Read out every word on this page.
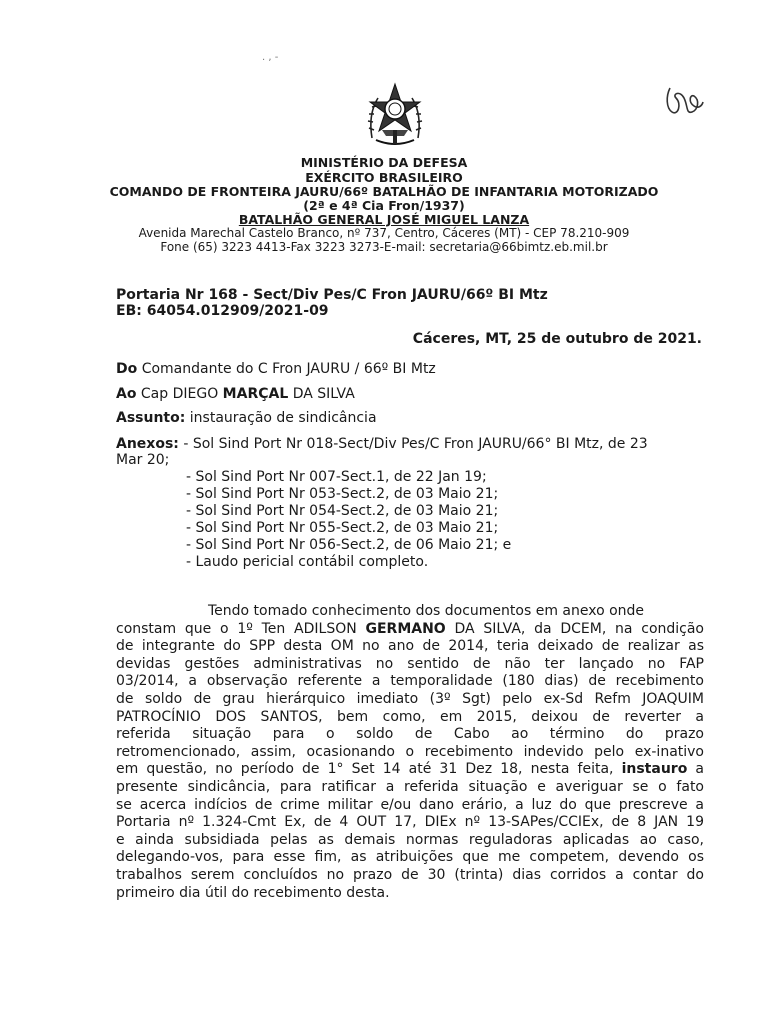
. , -
MINISTÉRIO DA DEFESA
EXÉRCITO BRASILEIRO
COMANDO DE FRONTEIRA JAURU/66º BATALHÃO DE INFANTARIA MOTORIZADO
(2ª e 4ª Cia Fron/1937)
BATALHÃO GENERAL JOSÉ MIGUEL LANZA
Avenida Marechal Castelo Branco, nº 737, Centro, Cáceres (MT) - CEP 78.210-909
Fone (65) 3223 4413-Fax 3223 3273-E-mail: secretaria@66bimtz.eb.mil.br
Portaria Nr 168 - Sect/Div Pes/C Fron JAURU/66º BI Mtz
EB: 64054.012909/2021-09
Cáceres, MT, 25 de outubro de 2021.
Do Comandante do C Fron JAURU / 66º BI Mtz
Ao Cap DIEGO MARÇAL DA SILVA
Assunto: instauração de sindicância
Anexos: - Sol Sind Port Nr 018-Sect/Div Pes/C Fron JAURU/66° BI Mtz, de 23
Mar 20;
- Sol Sind Port Nr 007-Sect.1, de 22 Jan 19;
- Sol Sind Port Nr 053-Sect.2, de 03 Maio 21;
- Sol Sind Port Nr 054-Sect.2, de 03 Maio 21;
- Sol Sind Port Nr 055-Sect.2, de 03 Maio 21;
- Sol Sind Port Nr 056-Sect.2, de 06 Maio 21; e
- Laudo pericial contábil completo.
Tendo tomado conhecimento dos documentos em anexo onde
constam que o 1º Ten ADILSON GERMANO DA SILVA, da DCEM, na condição
de integrante do SPP desta OM no ano de 2014, teria deixado de realizar as
devidas gestões administrativas no sentido de não ter lançado no FAP
03/2014, a observação referente a temporalidade (180 dias) de recebimento
de soldo de grau hierárquico imediato (3º Sgt) pelo ex-Sd Refm JOAQUIM
PATROCÍNIO DOS SANTOS, bem como, em 2015, deixou de reverter a
referida situação para o soldo de Cabo ao término do prazo
retromencionado, assim, ocasionando o recebimento indevido pelo ex-inativo
em questão, no período de 1° Set 14 até 31 Dez 18, nesta feita, instauro a
presente sindicância, para ratificar a referida situação e averiguar se o fato
se acerca indícios de crime militar e/ou dano erário, a luz do que prescreve a
Portaria nº 1.324-Cmt Ex, de 4 OUT 17, DIEx nº 13-SAPes/CCIEx, de 8 JAN 19
e ainda subsidiada pelas as demais normas reguladoras aplicadas ao caso,
delegando-vos, para esse fim, as atribuições que me competem, devendo os
trabalhos serem concluídos no prazo de 30 (trinta) dias corridos a contar do
primeiro dia útil do recebimento desta.
